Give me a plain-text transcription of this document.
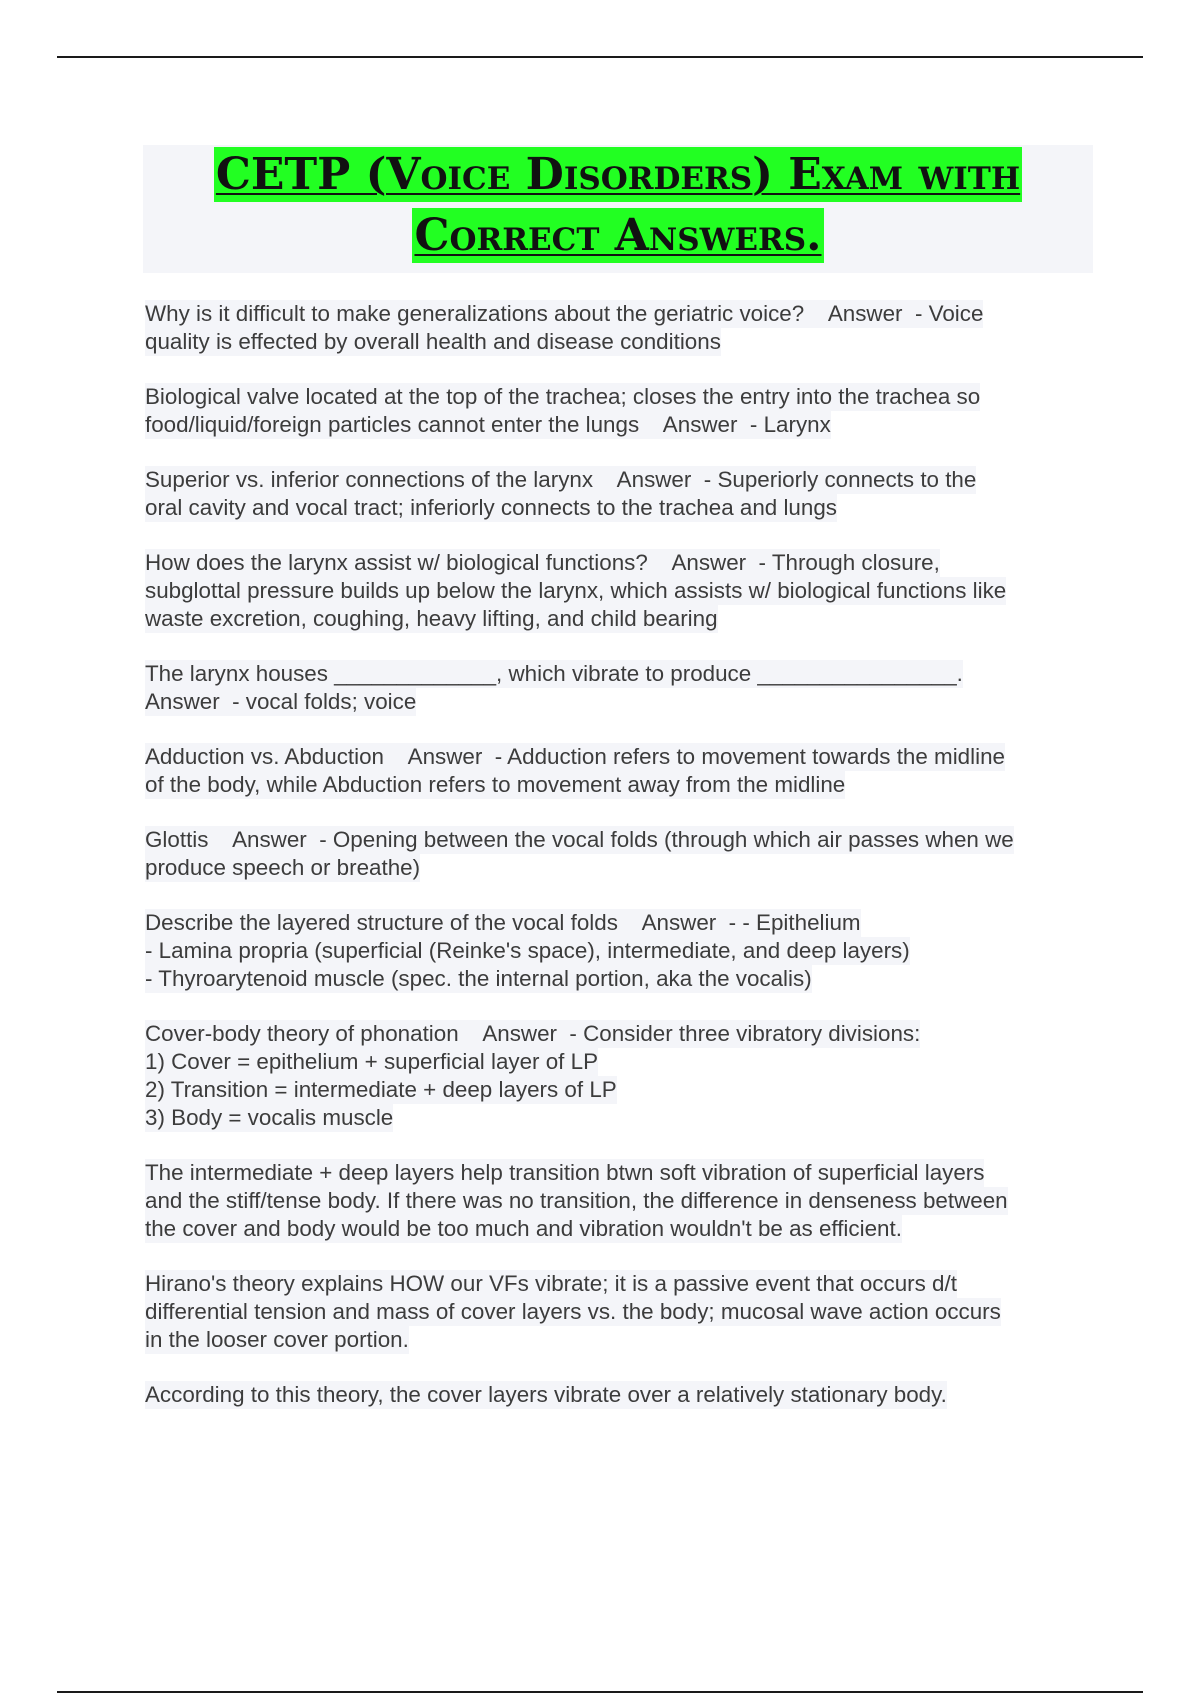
CETP (Voice Disorders) Exam with
Correct Answers.
Why is it difficult to make generalizations about the geriatric voice?    Answer  - Voice
quality is effected by overall health and disease conditions
Biological valve located at the top of the trachea; closes the entry into the trachea so
food/liquid/foreign particles cannot enter the lungs    Answer  - Larynx
Superior vs. inferior connections of the larynx    Answer  - Superiorly connects to the
oral cavity and vocal tract; inferiorly connects to the trachea and lungs
How does the larynx assist w/ biological functions?    Answer  - Through closure,
subglottal pressure builds up below the larynx, which assists w/ biological functions like
waste excretion, coughing, heavy lifting, and child bearing
The larynx houses _____________, which vibrate to produce ________________.
Answer  - vocal folds; voice
Adduction vs. Abduction    Answer  - Adduction refers to movement towards the midline
of the body, while Abduction refers to movement away from the midline
Glottis    Answer  - Opening between the vocal folds (through which air passes when we
produce speech or breathe)
Describe the layered structure of the vocal folds    Answer  - - Epithelium
- Lamina propria (superficial (Reinke's space), intermediate, and deep layers)
- Thyroarytenoid muscle (spec. the internal portion, aka the vocalis)
Cover-body theory of phonation    Answer  - Consider three vibratory divisions:
1) Cover = epithelium + superficial layer of LP
2) Transition = intermediate + deep layers of LP
3) Body = vocalis muscle
The intermediate + deep layers help transition btwn soft vibration of superficial layers
and the stiff/tense body. If there was no transition, the difference in denseness between
the cover and body would be too much and vibration wouldn't be as efficient.
Hirano's theory explains HOW our VFs vibrate; it is a passive event that occurs d/t
differential tension and mass of cover layers vs. the body; mucosal wave action occurs
in the looser cover portion.
According to this theory, the cover layers vibrate over a relatively stationary body.
